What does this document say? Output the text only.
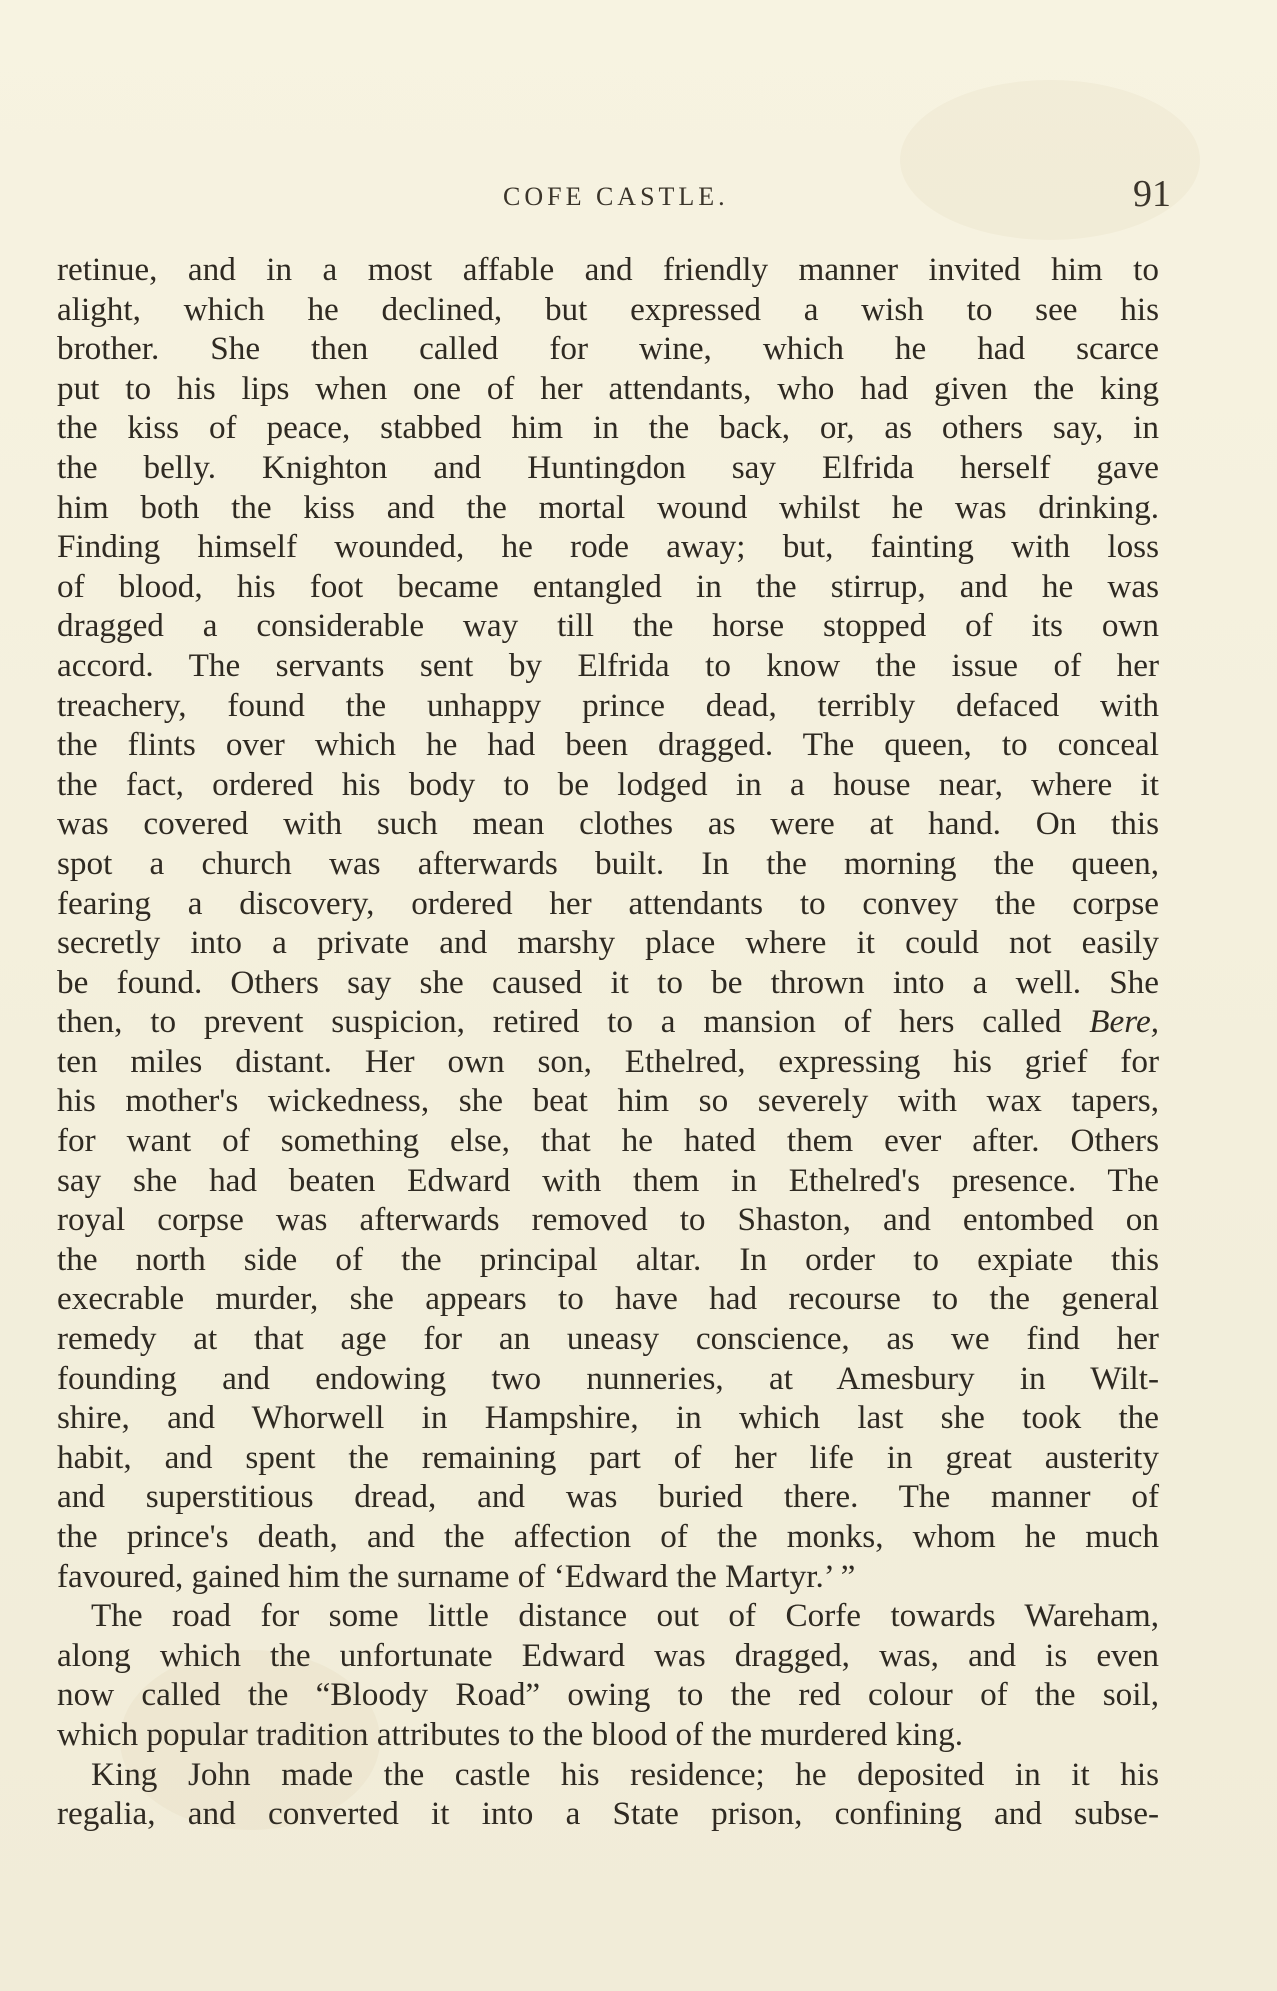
COFE CASTLE.	91
retinue, and in a most affable and friendly manner invited him to
alight, which he declined, but expressed a wish to see his
brother. She then called for wine, which he had scarce
put to his lips when one of her attendants, who had given the king
the kiss of peace, stabbed him in the back, or, as others say, in
the belly. Knighton and Huntingdon say Elfrida herself gave
him both the kiss and the mortal wound whilst he was drinking.
Finding himself wounded, he rode away; but, fainting with loss
of blood, his foot became entangled in the stirrup, and he was
dragged a considerable way till the horse stopped of its own
accord. The servants sent by Elfrida to know the issue of her
treachery, found the unhappy prince dead, terribly defaced with
the flints over which he had been dragged. The queen, to conceal
the fact, ordered his body to be lodged in a house near, where it
was covered with such mean clothes as were at hand. On this
spot a church was afterwards built. In the morning the queen,
fearing a discovery, ordered her attendants to convey the corpse
secretly into a private and marshy place where it could not easily
be found. Others say she caused it to be thrown into a well. She
then, to prevent suspicion, retired to a mansion of hers called Bere,
ten miles distant. Her own son, Ethelred, expressing his grief for
his mother's wickedness, she beat him so severely with wax tapers,
for want of something else, that he hated them ever after. Others
say she had beaten Edward with them in Ethelred's presence. The
royal corpse was afterwards removed to Shaston, and entombed on
the north side of the principal altar. In order to expiate this
execrable murder, she appears to have had recourse to the general
remedy at that age for an uneasy conscience, as we find her
founding and endowing two nunneries, at Amesbury in Wilt-
shire, and Whorwell in Hampshire, in which last she took the
habit, and spent the remaining part of her life in great austerity
and superstitious dread, and was buried there. The manner of
the prince's death, and the affection of the monks, whom he much
favoured, gained him the surname of ‘Edward the Martyr.’ ”
The road for some little distance out of Corfe towards Wareham,
along which the unfortunate Edward was dragged, was, and is even
now called the “Bloody Road” owing to the red colour of the soil,
which popular tradition attributes to the blood of the murdered king.
King John made the castle his residence; he deposited in it his
regalia, and converted it into a State prison, confining and subse-
